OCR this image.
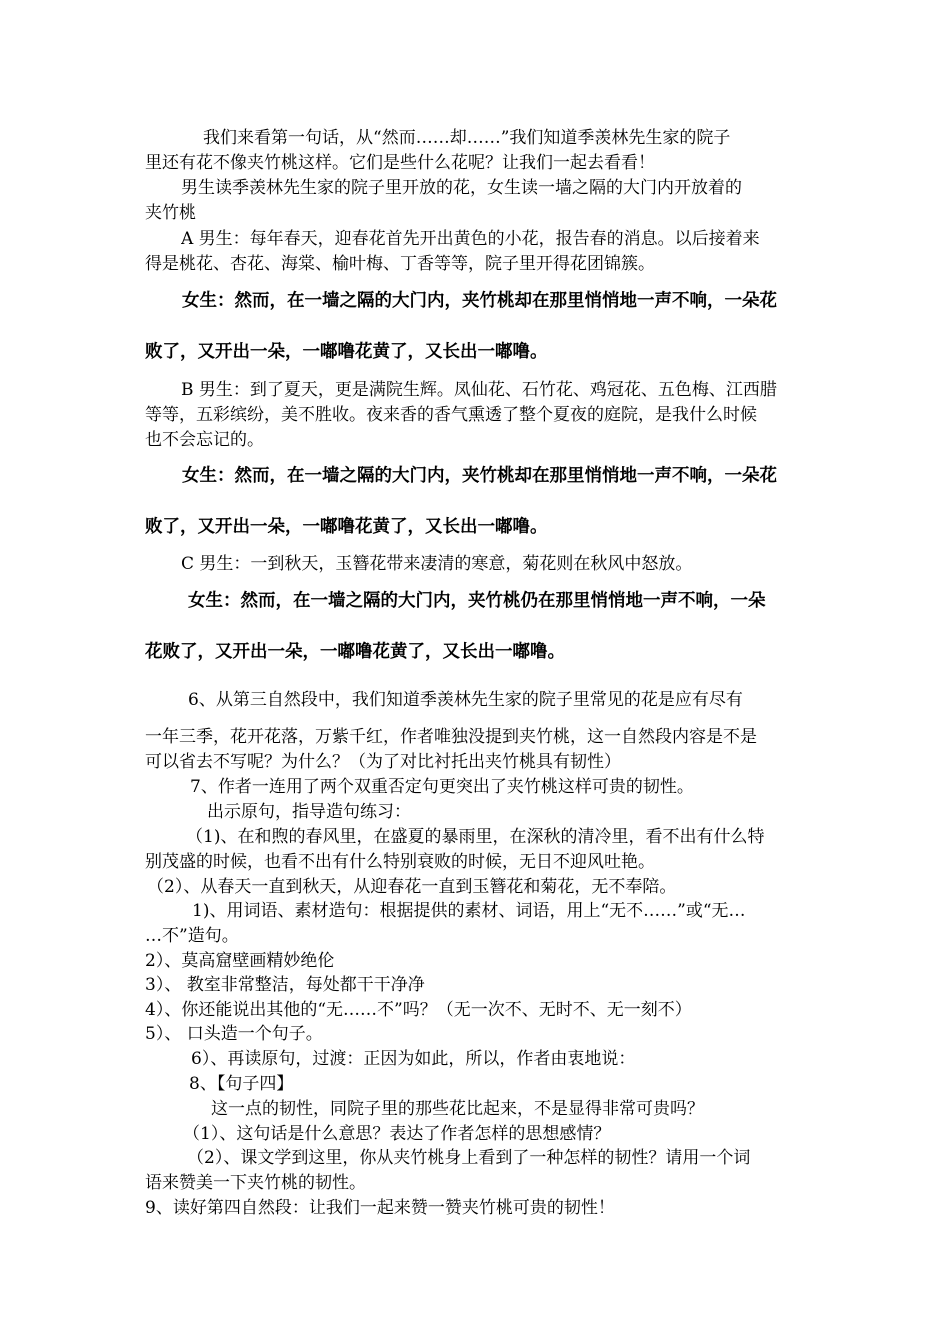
我们来看第一句话，从“然而……却……”我们知道季羡林先生家的院子
里还有花不像夹竹桃这样。它们是些什么花呢？让我们一起去看看！
男生读季羡林先生家的院子里开放的花，女生读一墙之隔的大门内开放着的
夹竹桃
A 男生：每年春天，迎春花首先开出黄色的小花，报告春的消息。以后接着来
得是桃花、杏花、海棠、榆叶梅、丁香等等，院子里开得花团锦簇。
女生：然而，在一墙之隔的大门内，夹竹桃却在那里悄悄地一声不响，一朵花
败了，又开出一朵，一嘟噜花黄了，又长出一嘟噜。
B 男生：到了夏天，更是满院生辉。凤仙花、石竹花、鸡冠花、五色梅、江西腊
等等，五彩缤纷，美不胜收。夜来香的香气熏透了整个夏夜的庭院，是我什么时候
也不会忘记的。
女生：然而，在一墙之隔的大门内，夹竹桃却在那里悄悄地一声不响，一朵花
败了，又开出一朵，一嘟噜花黄了，又长出一嘟噜。
C 男生：一到秋天，玉簪花带来凄清的寒意，菊花则在秋风中怒放。
女生：然而，在一墙之隔的大门内，夹竹桃仍在那里悄悄地一声不响，一朵
花败了，又开出一朵，一嘟噜花黄了，又长出一嘟噜。
6、从第三自然段中，我们知道季羡林先生家的院子里常见的花是应有尽有
一年三季，花开花落，万紫千红，作者唯独没提到夹竹桃，这一自然段内容是不是
可以省去不写呢？为什么？（为了对比衬托出夹竹桃具有韧性）
7、作者一连用了两个双重否定句更突出了夹竹桃这样可贵的韧性。
出示原句，指导造句练习：
（1)、在和煦的春风里，在盛夏的暴雨里，在深秋的清冷里，看不出有什么特
别茂盛的时候，也看不出有什么特别衰败的时候，无日不迎风吐艳。
（2）、从春天一直到秋天，从迎春花一直到玉簪花和菊花，无不奉陪。
1)、用词语、素材造句：根据提供的素材、词语，用上“无不……”或“无…
…不”造句。
2）、莫高窟壁画精妙绝伦
3）、 教室非常整洁，每处都干干净净
4）、你还能说出其他的“无……不”吗？（无一次不、无时不、无一刻不）
5）、 口头造一个句子。
6）、再读原句，过渡：正因为如此，所以，作者由衷地说：
8、【句子四】
这一点的韧性，同院子里的那些花比起来，不是显得非常可贵吗？
（1）、这句话是什么意思？表达了作者怎样的思想感情？
（2）、课文学到这里，你从夹竹桃身上看到了一种怎样的韧性？请用一个词
语来赞美一下夹竹桃的韧性。
9、读好第四自然段：让我们一起来赞一赞夹竹桃可贵的韧性！
